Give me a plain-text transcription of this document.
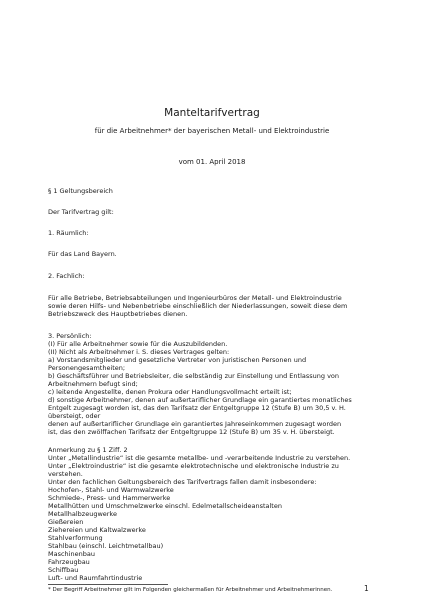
Manteltarifvertrag
für die Arbeitnehmer* der bayerischen Metall- und Elektroindustrie
vom 01. April 2018
§ 1 Geltungsbereich
Der Tarifvertrag gilt:
1. Räumlich:
Für das Land Bayern.
2. Fachlich:
Für alle Betriebe, Betriebsabteilungen und Ingenieurbüros der Metall- und Elektroindustrie
sowie deren Hilfs- und Nebenbetriebe einschließlich der Niederlassungen, soweit diese dem
Betriebszweck des Hauptbetriebes dienen.
3. Persönlich:
(I) Für alle Arbeitnehmer sowie für die Auszubildenden.
(II) Nicht als Arbeitnehmer i. S. dieses Vertrages gelten:
a) Vorstandsmitglieder und gesetzliche Vertreter von juristischen Personen und
Personengesamtheiten;
b) Geschäftsführer und Betriebsleiter, die selbständig zur Einstellung und Entlassung von
Arbeitnehmern befugt sind;
c) leitende Angestellte, denen Prokura oder Handlungsvollmacht erteilt ist;
d) sonstige Arbeitnehmer, denen auf außertariflicher Grundlage ein garantiertes monatliches
Entgelt zugesagt worden ist, das den Tarifsatz der Entgeltgruppe 12 (Stufe B) um 30,5 v. H.
übersteigt, oder
denen auf außertariflicher Grundlage ein garantiertes Jahreseinkommen zugesagt worden
ist, das den zwölffachen Tarifsatz der Entgeltgruppe 12 (Stufe B) um 35 v. H. übersteigt.
Anmerkung zu § 1 Ziff. 2
Unter „Metallindustrie“ ist die gesamte metallbe- und -verarbeitende Industrie zu verstehen.
Unter „Elektroindustrie“ ist die gesamte elektrotechnische und elektronische Industrie zu
verstehen.
Unter den fachlichen Geltungsbereich des Tarifvertrags fallen damit insbesondere:
Hochofen-, Stahl- und Warmwalzwerke
Schmiede-, Press- und Hammerwerke
Metallhütten und Umschmelzwerke einschl. Edelmetallscheideanstalten
Metallhalbzeugwerke
Gießereien
Ziehereien und Kaltwalzwerke
Stahlverformung
Stahlbau (einschl. Leichtmetallbau)
Maschinenbau
Fahrzeugbau
Schiffbau
Luft- und Raumfahrtindustrie
* Der Begriff Arbeitnehmer gilt im Folgenden gleichermaßen für Arbeitnehmer und Arbeitnehmerinnen.	1
